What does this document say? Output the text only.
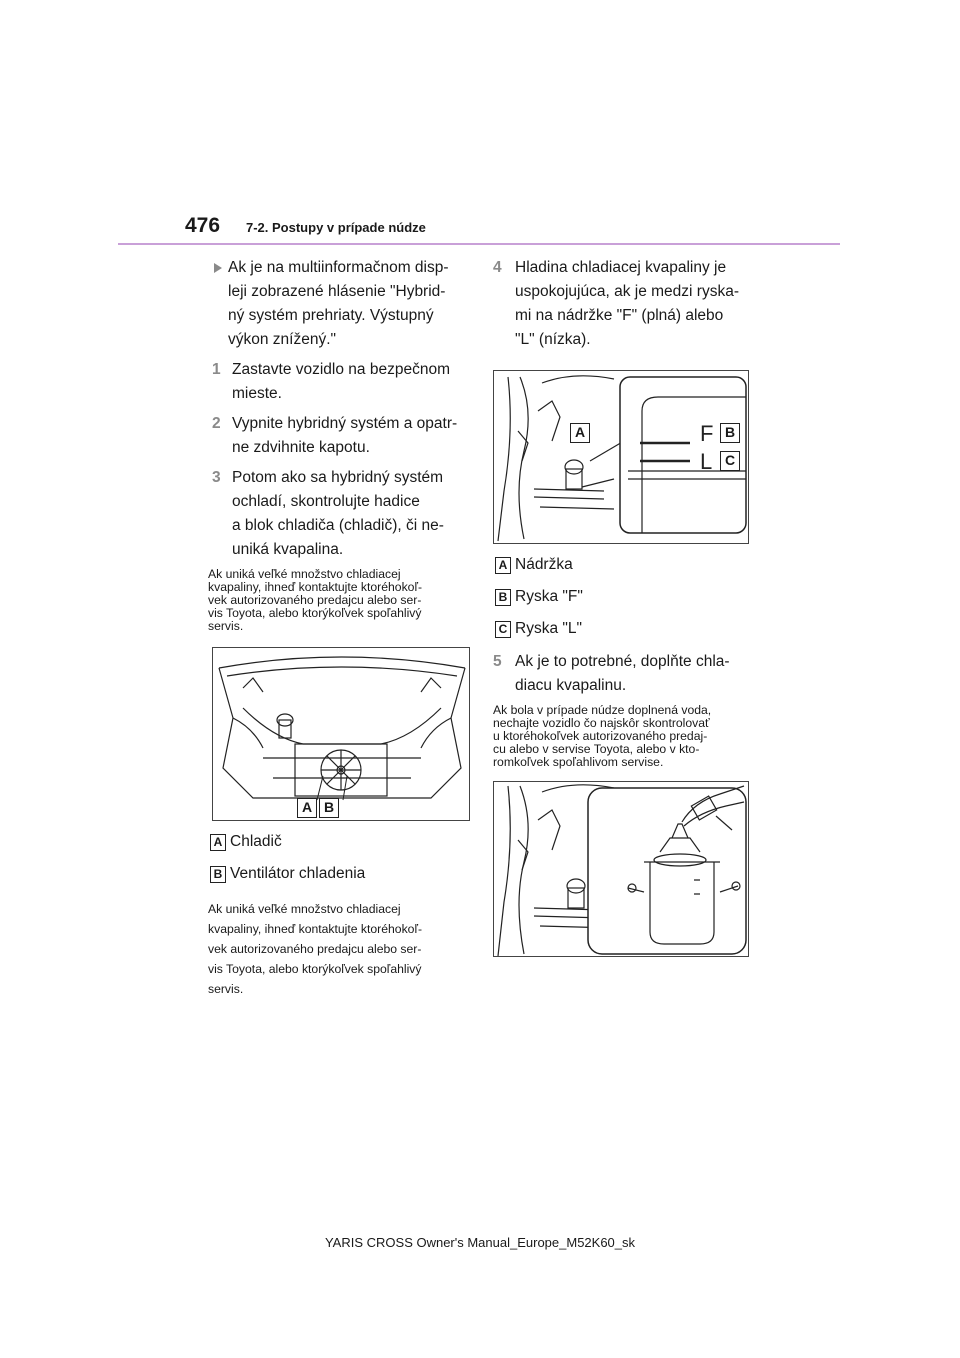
476 7-2. Postupy v prípade núdze
Ak je na multiinformačnom disp-
leji zobrazené hlásenie "Hybrid-
ný systém prehriaty. Výstupný
výkon znížený."
1 Zastavte vozidlo na bezpečnom
mieste.
2 Vypnite hybridný systém a opatr-
ne zdvihnite kapotu.
3 Potom ako sa hybridný systém
ochladí, skontrolujte hadice
a blok chladiča (chladič), či ne-
uniká kvapalina.
Ak uniká veľké množstvo chladiacej
kvapaliny, ihneď kontaktujte ktoréhokoľ-
vek autorizovaného predajcu alebo ser-
vis Toyota, alebo ktorýkoľvek spoľahlivý
servis.
A B
A Chladič
B Ventilátor chladenia
Ak uniká veľké množstvo chladiacej
kvapaliny, ihneď kontaktujte ktoréhokoľ-
vek autorizovaného predajcu alebo ser-
vis Toyota, alebo ktorýkoľvek spoľahlivý
servis.
4 Hladina chladiacej kvapaliny je
uspokojujúca, ak je medzi ryska-
mi na nádržke "F" (plná) alebo
"L" (nízka).
F
L
A	B
C
A Nádržka
B Ryska "F"
C Ryska "L"
5 Ak je to potrebné, doplňte chla-
diacu kvapalinu.
Ak bola v prípade núdze doplnená voda,
nechajte vozidlo čo najskôr skontrolovať
u ktoréhokoľvek autorizovaného predaj-
cu alebo v servise Toyota, alebo v kto-
romkoľvek spoľahlivom servise.
YARIS CROSS Owner's Manual_Europe_M52K60_sk
